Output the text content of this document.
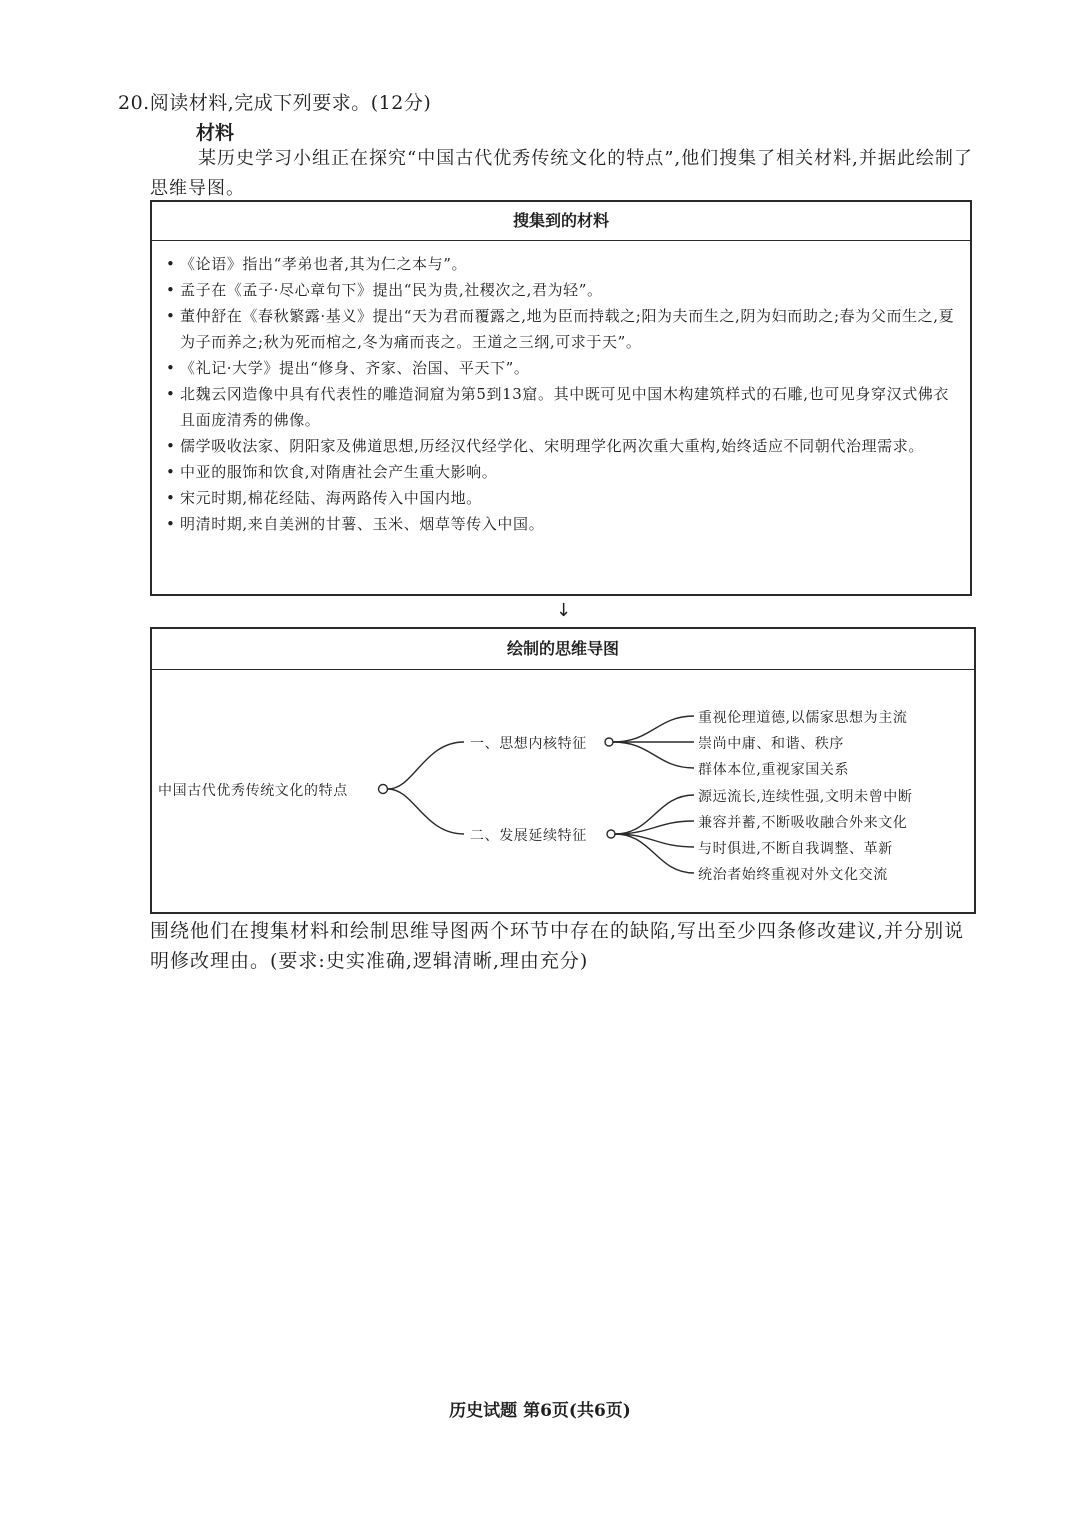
20.阅读材料,完成下列要求。(12分)
材料
某历史学习小组正在探究“中国古代优秀传统文化的特点”,他们搜集了相关材料,并据此绘制了思维导图。
搜集到的材料
• 《论语》指出“孝弟也者,其为仁之本与”。
• 孟子在《孟子·尽心章句下》提出“民为贵,社稷次之,君为轻”。
• 董仲舒在《春秋繁露·基义》提出“天为君而覆露之,地为臣而持载之;阳为夫而生之,阴为妇而助之;春为父而生之,夏为子而养之;秋为死而棺之,冬为痛而丧之。王道之三纲,可求于天”。
• 《礼记·大学》提出“修身、齐家、治国、平天下”。
• 北魏云冈造像中具有代表性的雕造洞窟为第5到13窟。其中既可见中国木构建筑样式的石雕,也可见身穿汉式佛衣且面庞清秀的佛像。
• 儒学吸收法家、阴阳家及佛道思想,历经汉代经学化、宋明理学化两次重大重构,始终适应不同朝代治理需求。
• 中亚的服饰和饮食,对隋唐社会产生重大影响。
• 宋元时期,棉花经陆、海两路传入中国内地。
• 明清时期,来自美洲的甘薯、玉米、烟草等传入中国。
↓
绘制的思维导图
中国古代优秀传统文化的特点
一、思想内核特征
二、发展延续特征
重视伦理道德,以儒家思想为主流
崇尚中庸、和谐、秩序
群体本位,重视家国关系
源远流长,连续性强,文明未曾中断
兼容并蓄,不断吸收融合外来文化
与时俱进,不断自我调整、革新
统治者始终重视对外文化交流
围绕他们在搜集材料和绘制思维导图两个环节中存在的缺陷,写出至少四条修改建议,并分别说明修改理由。(要求:史实准确,逻辑清晰,理由充分)
历史试题 第6页(共6页)
